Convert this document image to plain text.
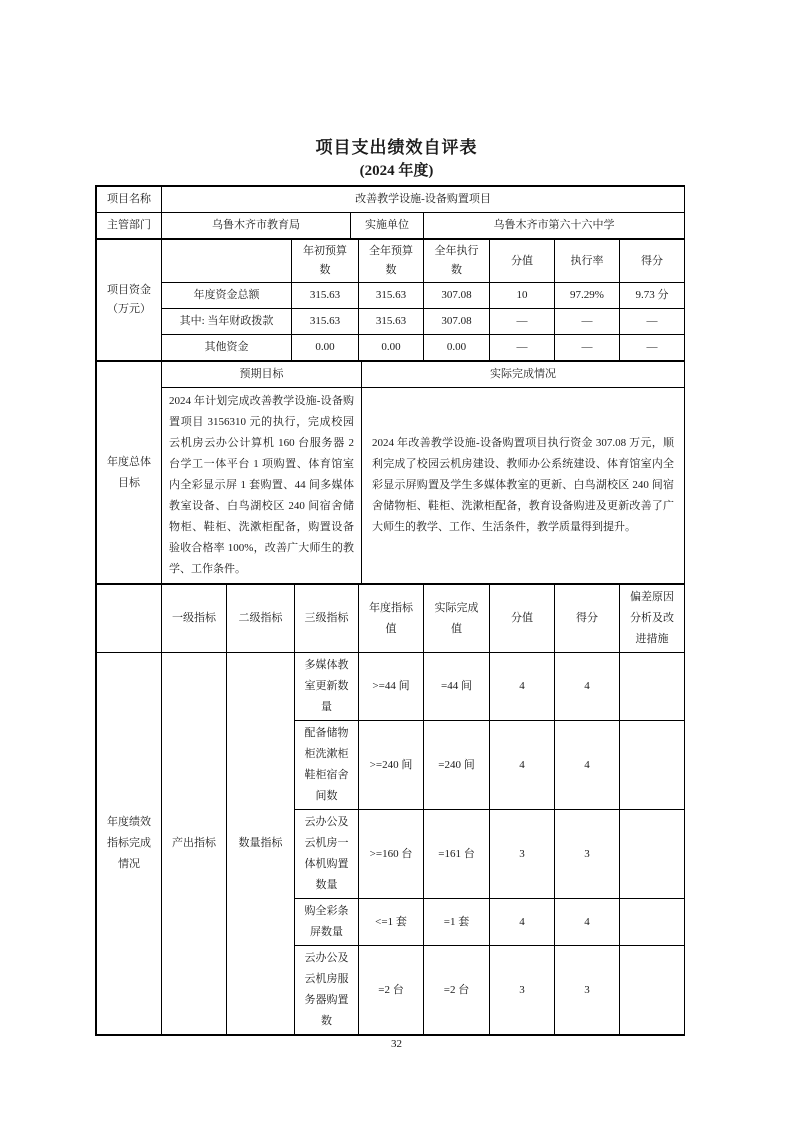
项目支出绩效自评表
(2024 年度)
项目名称	改善教学设施-设备购置项目		
主管部门	乌鲁木齐市教育局	实施单位	乌鲁木齐市第六十六中学
项目资金（万元）		年初预算数	全年预算数	全年执行数	分值	执行率	得分
	年度资金总额	315.63	315.63	307.08	10	97.29%	9.73 分
	其中: 当年财政拨款	315.63	315.63	307.08	—	—	—
	其他资金	0.00	0.00	0.00	—	—	—
年度总体目标	预期目标	实际完成情况
	2024 年计划完成改善教学设施-设备购置项目 3156310 元的执行，完成校园云机房云办公计算机 160 台服务器 2 台学工一体平台 1 项购置、体育馆室内全彩显示屏 1 套购置、44 间多媒体教室设备、白鸟湖校区 240 间宿舍储物柜、鞋柜、洗漱柜配备，购置设备验收合格率 100%，改善广大师生的教学、工作条件。	2024 年改善教学设施-设备购置项目执行资金 307.08 万元，顺利完成了校园云机房建设、教师办公系统建设、体育馆室内全彩显示屏购置及学生多媒体教室的更新、白鸟湖校区 240 间宿舍储物柜、鞋柜、洗漱柜配备，教育设备购进及更新改善了广大师生的教学、工作、生活条件，教学质量得到提升。
	一级指标	二级指标	三级指标	年度指标值	实际完成值	分值	得分	偏差原因分析及改进措施
年度绩效指标完成情况	产出指标	数量指标	多媒体教室更新数量	>=44 间	=44 间	4	4	
			配备储物柜洗漱柜鞋柜宿舍间数	>=240 间	=240 间	4	4	
			云办公及云机房一体机购置数量	>=160 台	=161 台	3	3	
			购全彩条屏数量	<=1 套	=1 套	4	4	
			云办公及云机房服务器购置数	=2 台	=2 台	3	3	
32
